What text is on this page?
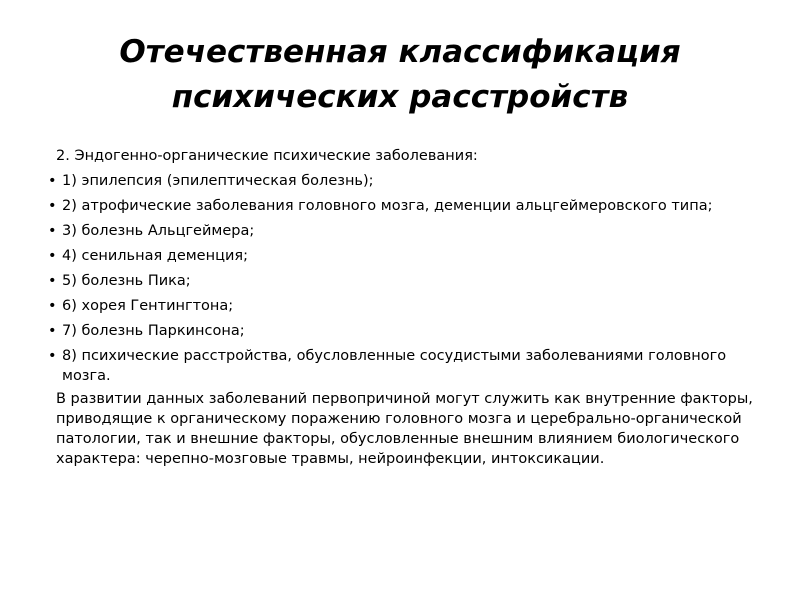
Отечественная классификация
психических расстройств
2. Эндогенно-органические психические заболевания:
• 1) эпилепсия (эпилептическая болезнь);
• 2) атрофические заболевания головного мозга, деменции альцгеймеровского типа;
• 3) болезнь Альцгеймера;
• 4) сенильная деменция;
• 5) болезнь Пика;
• 6) хорея Гентингтона;
• 7) болезнь Паркинсона;
• 8) психические расстройства, обусловленные сосудистыми заболеваниями головного мозга.
В развитии данных заболеваний первопричиной могут служить как внутренние факторы, приводящие к органическому поражению головного мозга и церебрально-органической патологии, так и внешние факторы, обусловленные внешним влиянием биологического характера: черепно-мозговые травмы, нейроинфекции, интоксикации.
